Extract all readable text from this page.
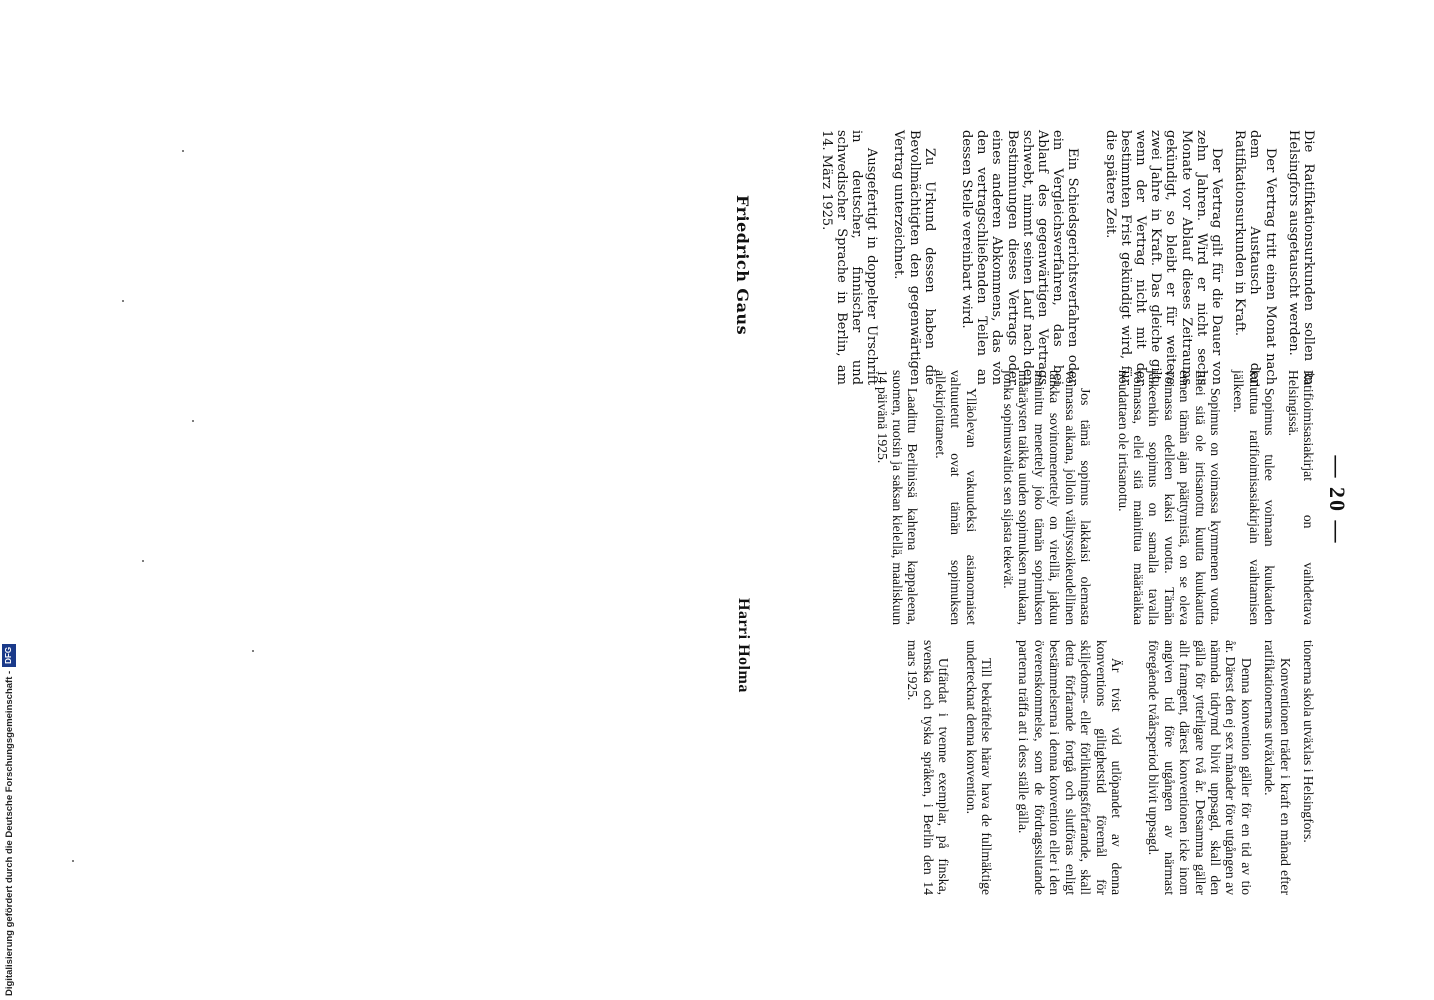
— 20 —

Die Ratifikationsurkunden sollen in Helsingfors ausgetauscht werden.

Der Vertrag tritt einen Monat nach dem Austausch der Ratifikationsurkunden in Kraft.

Der Vertrag gilt für die Dauer von zehn Jahren. Wird er nicht sechs Monate vor Ablauf dieses Zeitraums gekündigt, so bleibt er für weitere zwei Jahre in Kraft. Das gleiche gilt, wenn der Vertrag nicht mit der bestimmten Frist gekündigt wird, für die spätere Zeit.

Ein Schiedsgerichtsverfahren oder ein Vergleichsverfahren, das bei Ablauf des gegenwärtigen Vertrags schwebt, nimmt seinen Lauf nach den Bestimmungen dieses Vertrags oder eines anderen Abkommens, das von den vertragschließenden Teilen an dessen Stelle vereinbart wird.

Zu Urkund dessen haben die Bevollmächtigten den gegenwärtigen Vertrag unterzeichnet.

Ausgefertigt in doppelter Urschrift in deutscher, finnischer und schwedischer Sprache in Berlin, am 14. März 1925.

Ratifioimisasiakirjat on vaihdettava Helsingissä.

Sopimus tulee voimaan kuukauden kuluttua ratifioimisasiakirjain vaihtamisen jälkeen.

Sopimus on voimassa kymmenen vuotta. Ellei sitä ole irtisanottu kuutta kuukautta ennen tämän ajan päättymistä, on se oleva voimassa edelleen kaksi vuotta. Tämän jälkeenkin sopimus on samalla tavalla voimassa, ellei sitä mainittua määräaikaa noudattaen ole irtisanottu.

Jos tämä sopimus lakkaisi olemasta voimassa aikana, jolloin välityssoikeudellinen taikka sovintomenettely on vireillä, jatkuu mainittu menettely joko tämän sopimuksen määräysten taikka uuden sopimuksen mukaan, jonka sopimusvaltiot sen sijasta tekevät.

Ylläolevan vakuudeksi asianomaiset valtuutetut ovat tämän sopimuksen allekirjoittaneet.

Laadittu Berlinissä kahtena kappaleena, suomen, ruotsin ja saksan kielellä, maaliskuun 14 päivänä 1925.

tionerna skola utväxlas i Helsingfors.

Konventionen träder i kraft en månad efter ratifikationernas utväxlande.

Denna konvention gäller för en tid av tio år. Därest den ej sex månader före utgången av nämnda tidrymd blivit uppsagd, skall den gälla för ytterligare två år. Detsamma gäller allt framgent, därest konventionen icke inom angiven tid före utgången av närmast föregående tvåårsperiod blivit uppsagd.

Är tvist vid utlöpandet av denna konventions giltighetstid föremål för skiljedoms- eller förlikningsförfarande, skall detta förfarande fortgå och slutföras enligt bestämmelserna i denna konvention eller i den överenskommelse, som de fördragsslutande parterna träffa att i dess ställe gälla.

Till bekräftelse härav hava de fullmäktige undertecknat denna konvention.

Utfärdat i tvenne exemplar, på finska, svenska och tyska språken, i Berlin den 14 mars 1925.

Friedrich Gaus
Harri Holma
Digitalisierung gefördert durch die Deutsche Forschungsgemeinschaft -
DFG
